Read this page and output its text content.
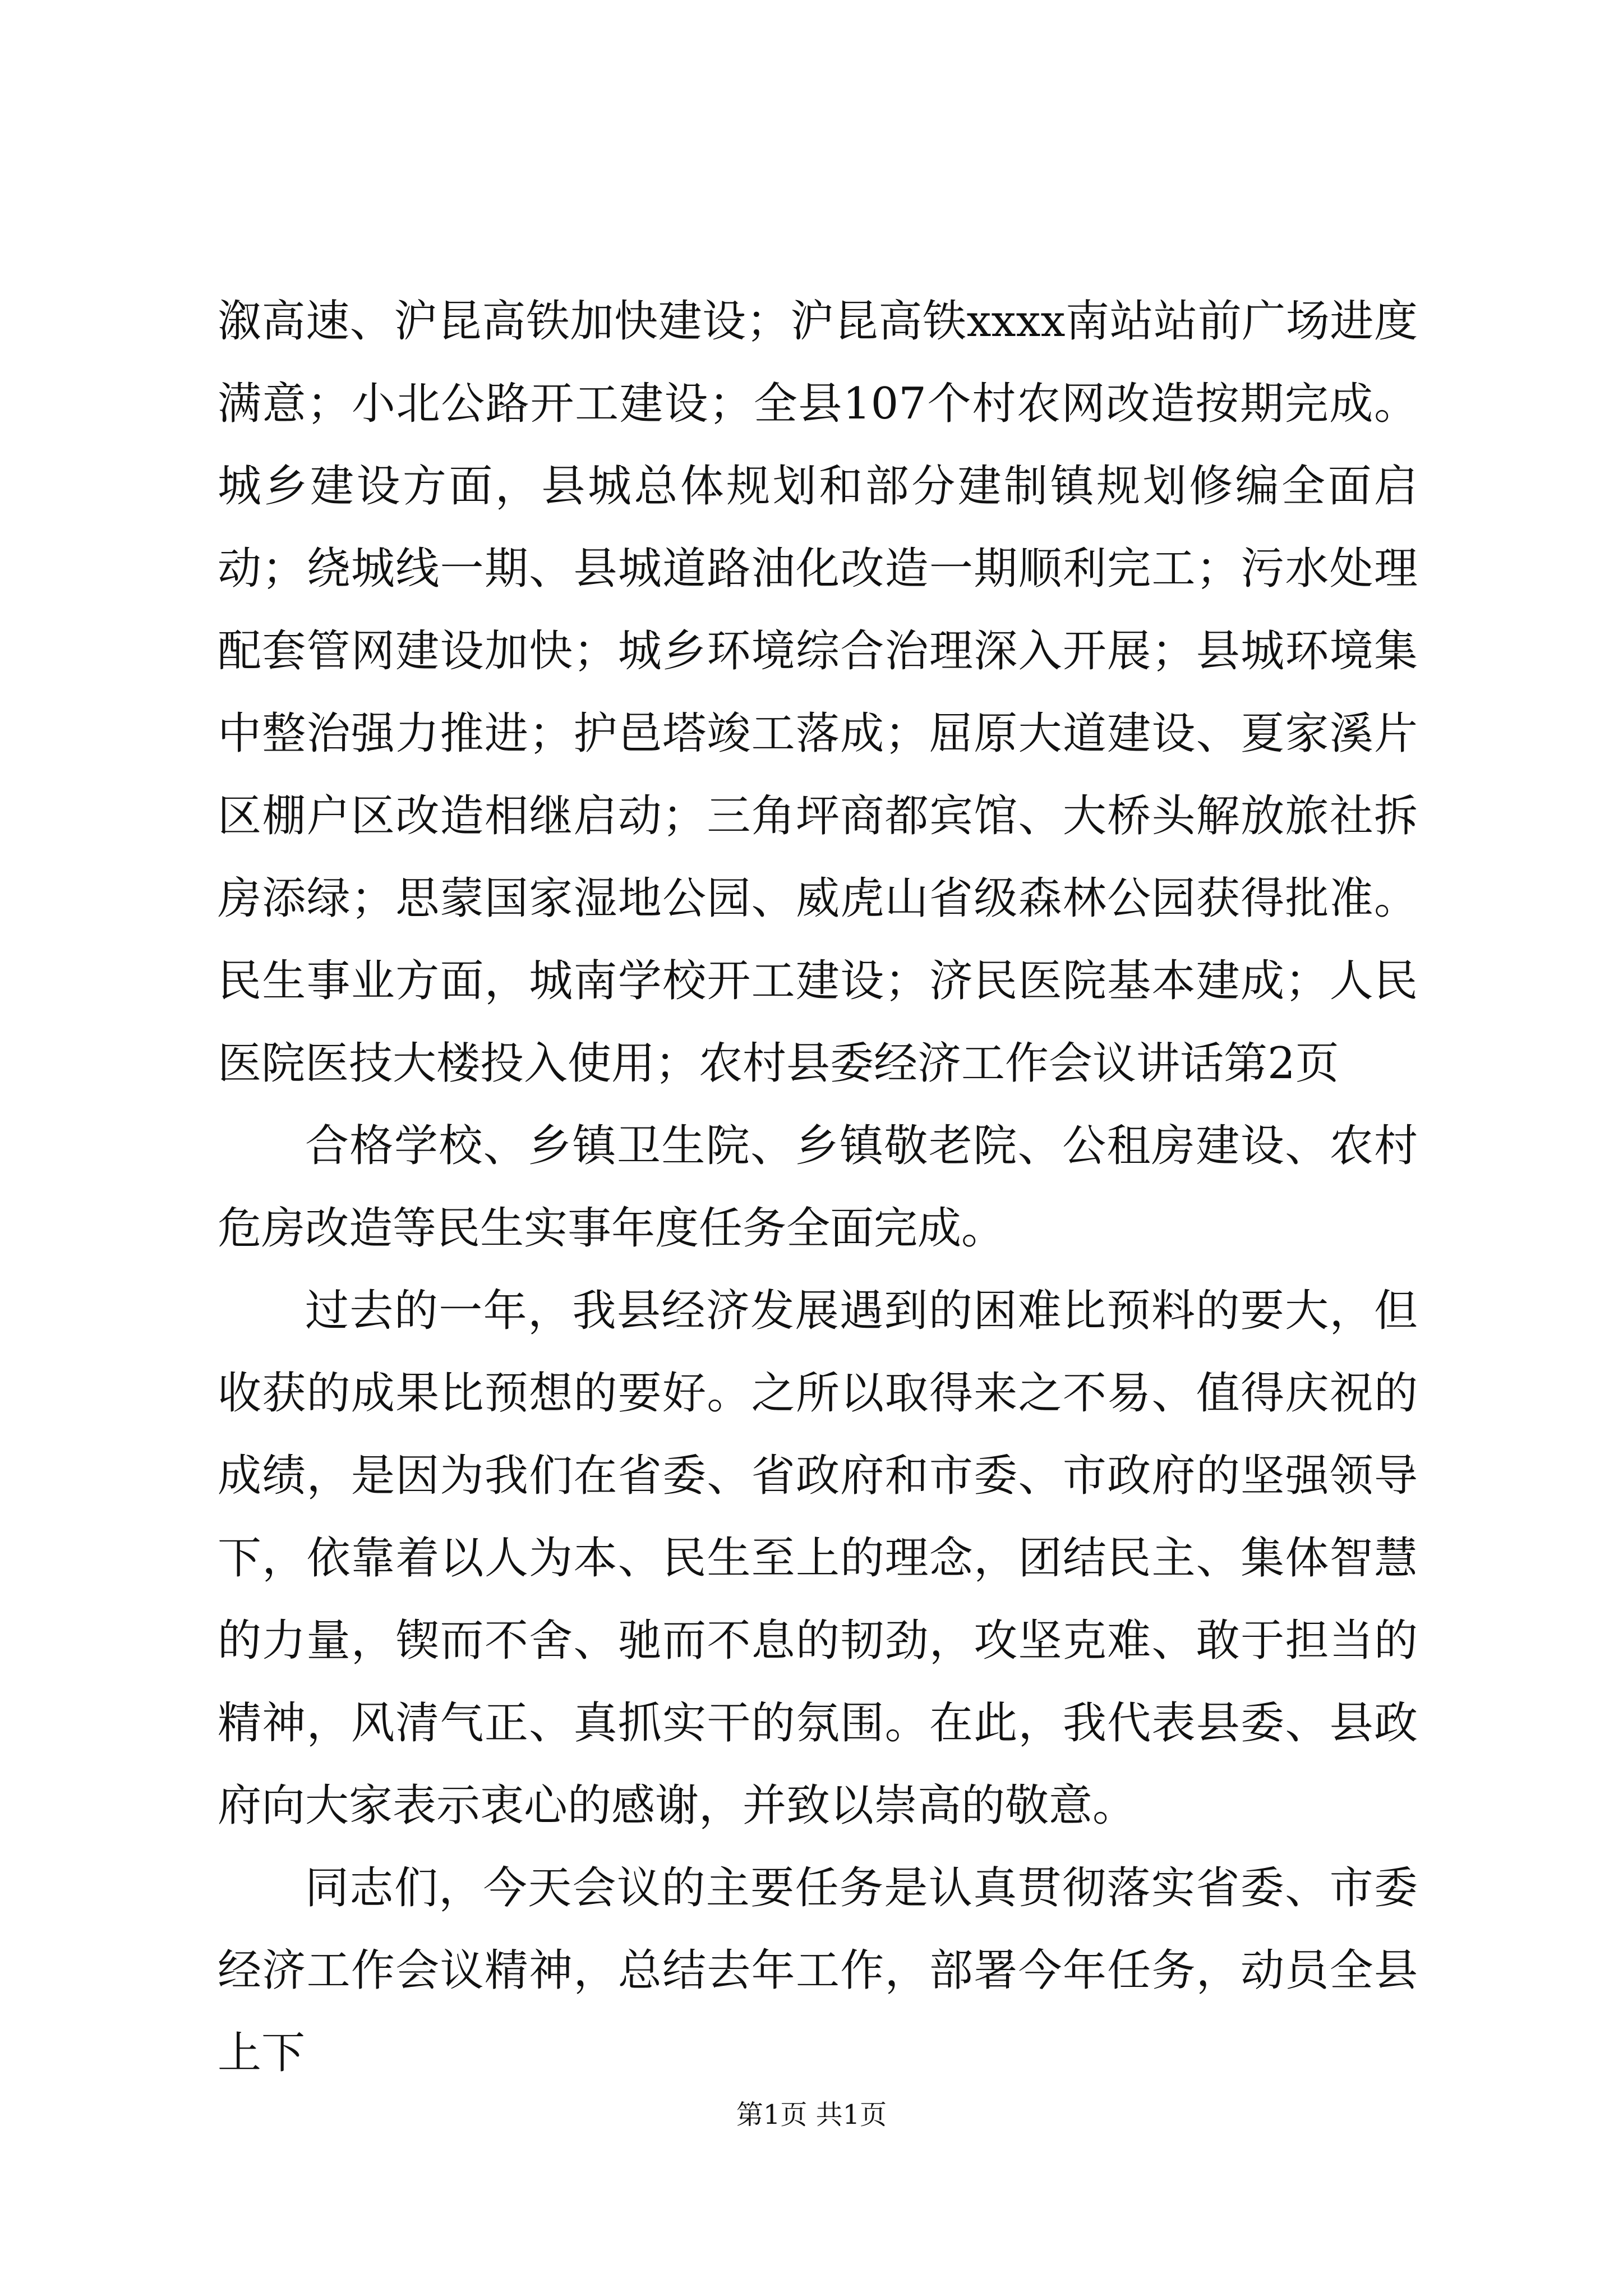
溆高速、沪昆高铁加快建设；沪昆高铁xxxx南站站前广场进度满意；小北公路开工建设；全县107个村农网改造按期完成。城乡建设方面，县城总体规划和部分建制镇规划修编全面启动；绕城线一期、县城道路油化改造一期顺利完工；污水处理配套管网建设加快；城乡环境综合治理深入开展；县城环境集中整治强力推进；护邑塔竣工落成；屈原大道建设、夏家溪片区棚户区改造相继启动；三角坪商都宾馆、大桥头解放旅社拆房添绿；思蒙国家湿地公园、威虎山省级森林公园获得批准。民生事业方面，城南学校开工建设；济民医院基本建成；人民医院医技大楼投入使用；农村县委经济工作会议讲话第2页

合格学校、乡镇卫生院、乡镇敬老院、公租房建设、农村危房改造等民生实事年度任务全面完成。

过去的一年，我县经济发展遇到的困难比预料的要大，但收获的成果比预想的要好。之所以取得来之不易、值得庆祝的成绩，是因为我们在省委、省政府和市委、市政府的坚强领导下，依靠着以人为本、民生至上的理念，团结民主、集体智慧的力量，锲而不舍、驰而不息的韧劲，攻坚克难、敢于担当的精神，风清气正、真抓实干的氛围。在此，我代表县委、县政府向大家表示衷心的感谢，并致以崇高的敬意。

同志们，今天会议的主要任务是认真贯彻落实省委、市委经济工作会议精神，总结去年工作，部署今年任务，动员全县上下

第1页 共1页
